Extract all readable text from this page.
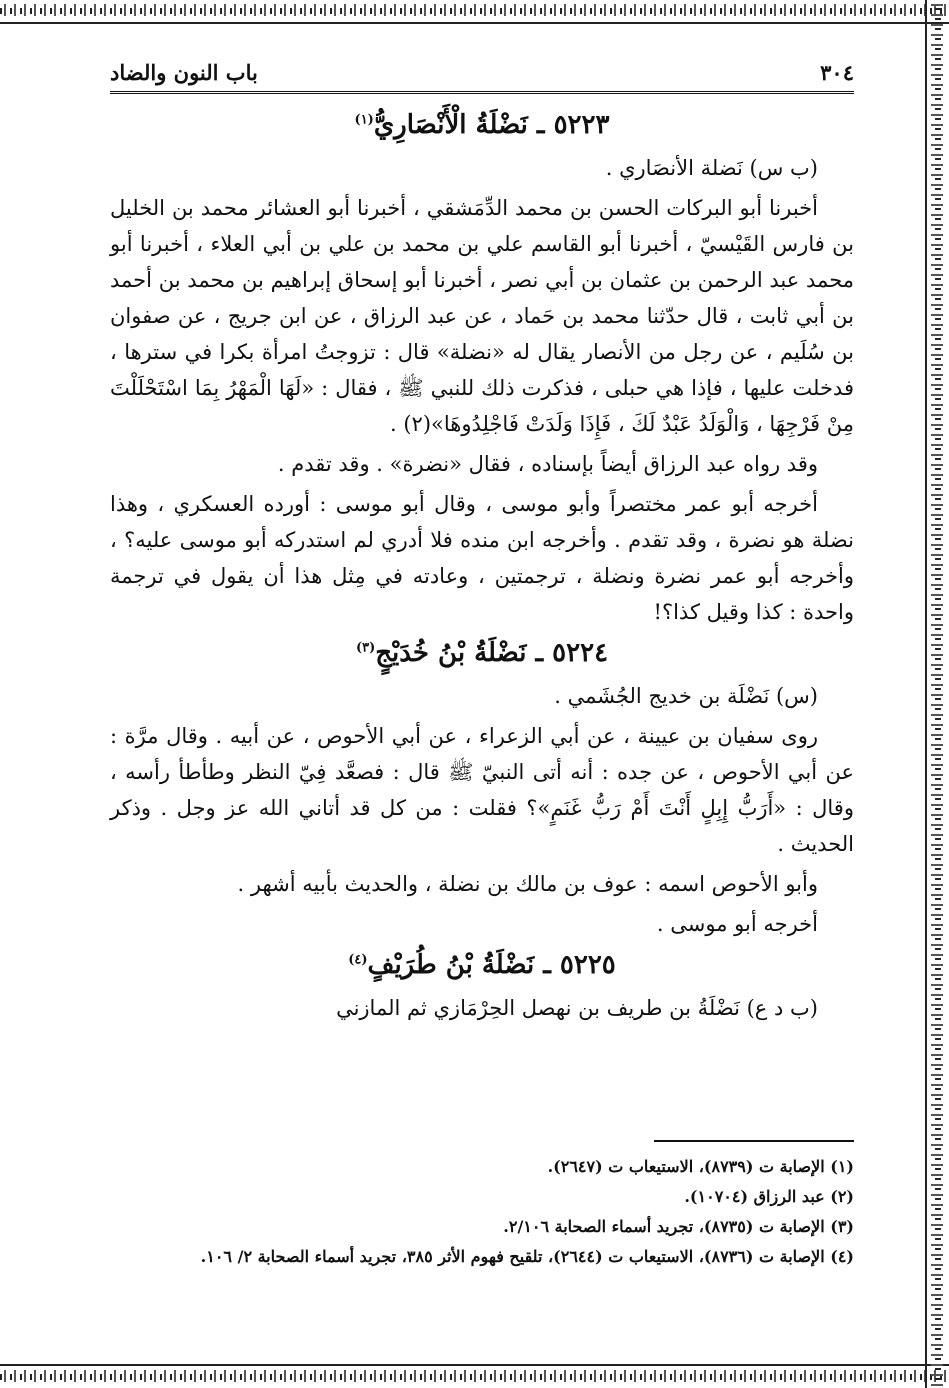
٣٠٤
باب النون والضاد
٥٢٢٣ ـ نَضْلَةُ الْأَنْصَارِيُّ$^{(١)}$

(ب س) نَضلة الأنصَاري .

أخبرنا أبو البركات الحسن بن محمد الدِّمَشقي ، أخبرنا أبو العشائر محمد بن الخليل بن فارس القَيْسيّ ، أخبرنا أبو القاسم علي بن محمد بن علي بن أبي العلاء ، أخبرنا أبو محمد عبد الرحمن بن عثمان بن أبي نصر ، أخبرنا أبو إسحاق إبراهيم بن محمد بن أحمد بن أبي ثابت ، قال حدّثنا محمد بن حَماد ، عن عبد الرزاق ، عن ابن جريج ، عن صفوان بن سُلَيم ، عن رجل من الأنصار يقال له «نضلة» قال : تزوجتُ امرأة بكرا في سترها ، فدخلت عليها ، فإذا هي حبلى ، فذكرت ذلك للنبي ﷺ ، فقال : «لَهَا الْمَهْرُ بِمَا اسْتَحْلَلْتَ مِنْ فَرْجِهَا ، وَالْوَلَدُ عَبْدٌ لَكَ ، فَإِذَا وَلَدَتْ فَاجْلِدُوهَا»(٢) .

وقد رواه عبد الرزاق أيضاً بإسناده ، فقال «نضرة» . وقد تقدم .

أخرجه أبو عمر مختصراً وأبو موسى ، وقال أبو موسى : أورده العسكري ، وهذا نضلة هو نضرة ، وقد تقدم . وأخرجه ابن منده فلا أدري لم استدركه أبو موسى عليه؟ ، وأخرجه أبو عمر نضرة ونضلة ، ترجمتين ، وعادته في مِثل هذا أن يقول في ترجمة واحدة : كذا وقيل كذا؟!

٥٢٢٤ ـ نَضْلَةُ بْنُ خُدَيْجٍ$^{(٣)}$

(س) نَضْلَة بن خديج الجُشَمي .

روى سفيان بن عيينة ، عن أبي الزعراء ، عن أبي الأحوص ، عن أبيه . وقال مرَّة : عن أبي الأحوص ، عن جده : أنه أتى النبيّ ﷺ قال : فصعَّد فِيّ النظر وطأطأ رأسه ، وقال : «أَرَبُّ إِبِلٍ أَنْتَ أَمْ رَبُّ غَنَمٍ»؟ فقلت : من كل قد أتاني الله عز وجل . وذكر الحديث .

وأبو الأحوص اسمه : عوف بن مالك بن نضلة ، والحديث بأبيه أشهر .

أخرجه أبو موسى .

٥٢٢٥ ـ نَضْلَةُ بْنُ طُرَيْفٍ$^{(٤)}$

(ب د ع) نَضْلَةُ بن طريف بن نهصل الحِرْمَازي ثم المازني

(١) الإصابة ت (٨٧٣٩)، الاستيعاب ت (٢٦٤٧).

(٢) عبد الرزاق (١٠٧٠٤).

(٣) الإصابة ت (٨٧٣٥)، تجريد أسماء الصحابة ٢/١٠٦.

(٤) الإصابة ت (٨٧٣٦)، الاستيعاب ت (٢٦٤٤)، تلقيح فهوم الأثر ٣٨٥، تجريد أسماء الصحابة ٢/ ١٠٦.
